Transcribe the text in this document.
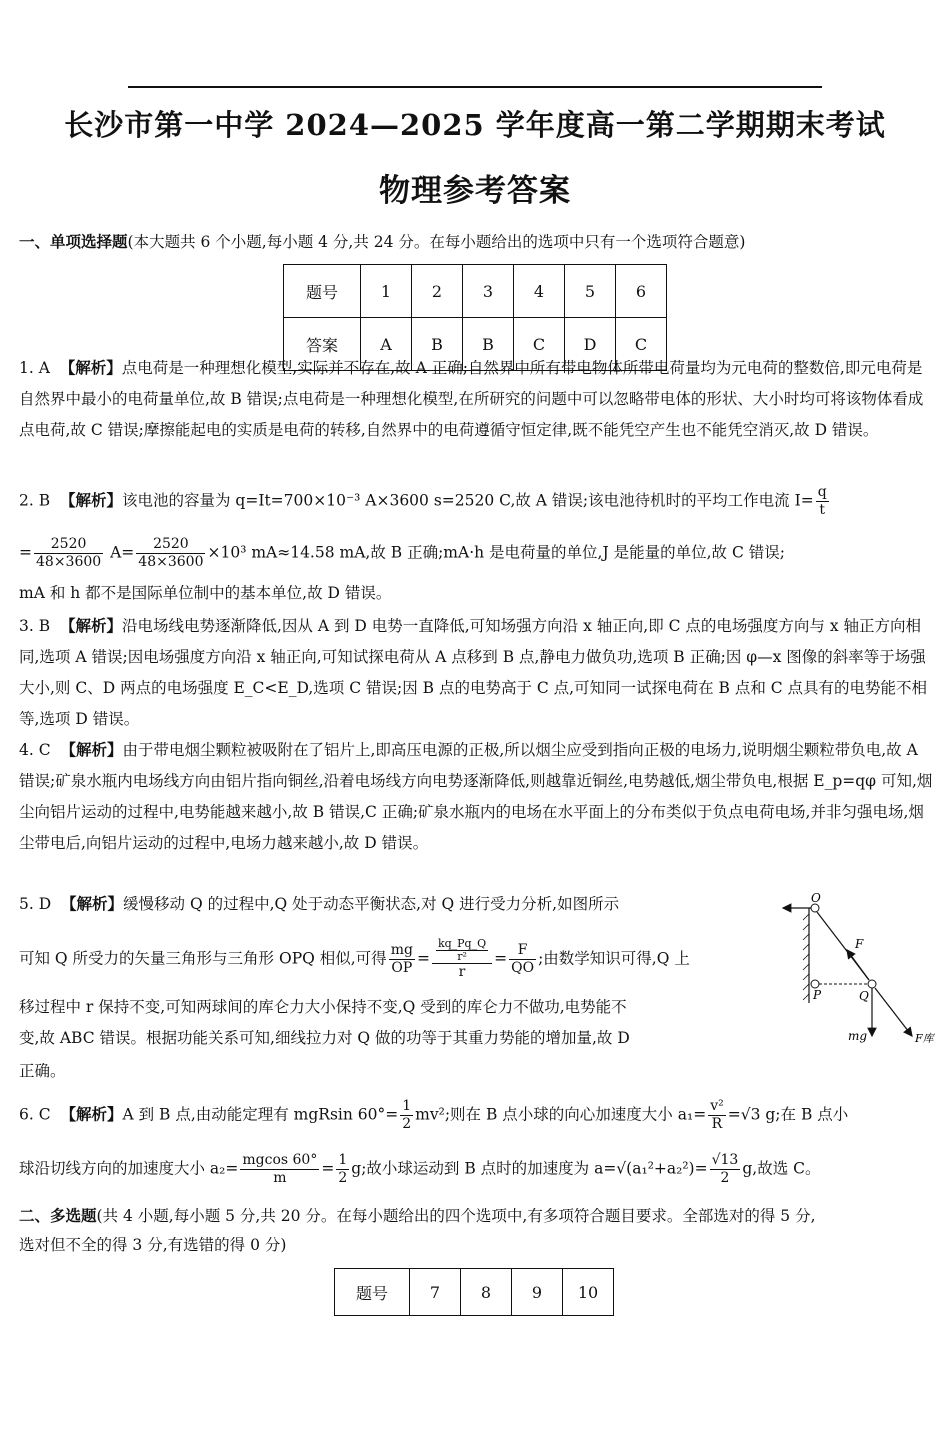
长沙市第一中学 2024—2025 学年度高一第二学期期末考试
物理参考答案
一、单项选择题(本大题共 6 个小题,每小题 4 分,共 24 分。在每小题给出的选项中只有一个选项符合题意)
题号	1	2	3	4	5	6
答案	A	B	B	C	D	C
1. A 【解析】点电荷是一种理想化模型,实际并不存在,故 A 正确;自然界中所有带电物体所带电荷量均为元电荷的整数倍,即元电荷是自然界中最小的电荷量单位,故 B 错误;点电荷是一种理想化模型,在所研究的问题中可以忽略带电体的形状、大小时均可将该物体看成点电荷,故 C 错误;摩擦能起电的实质是电荷的转移,自然界中的电荷遵循守恒定律,既不能凭空产生也不能凭空消灭,故 D 错误。
2. B 【解析】该电池的容量为 q=It=700×10⁻³ A×3600 s=2520 C,故 A 错误;该电池待机时的平均工作电流 $I= \frac{q}{t}$
= $\frac{2520}{48\times 3600} A= \frac{2520}{48\times 3600} \times 10^3$ mA≈14.58 mA,故 B 正确;mA·h 是电荷量的单位,J 是能量的单位,故 C 错误;
mA 和 h 都不是国际单位制中的基本单位,故 D 错误。
3. B 【解析】沿电场线电势逐渐降低,因从 A 到 D 电势一直降低,可知场强方向沿 x 轴正向,即 C 点的电场强度方向与 x 轴正方向相同,选项 A 错误;因电场强度方向沿 x 轴正向,可知试探电荷从 A 点移到 B 点,静电力做负功,选项 B 正确;因 φ—x 图像的斜率等于场强大小,则 C、D 两点的电场强度 E_C<E_D,选项 C 错误;因 B 点的电势高于 C 点,可知同一试探电荷在 B 点和 C 点具有的电势能不相等,选项 D 错误。
4. C 【解析】由于带电烟尘颗粒被吸附在了铝片上,即高压电源的正极,所以烟尘应受到指向正极的电场力,说明烟尘颗粒带负电,故 A 错误;矿泉水瓶内电场线方向由铝片指向铜丝,沿着电场线方向电势逐渐降低,则越靠近铜丝,电势越低,烟尘带负电,根据 E_p=qφ 可知,烟尘向铝片运动的过程中,电势能越来越小,故 B 错误,C 正确;矿泉水瓶内的电场在水平面上的分布类似于负点电荷电场,并非匀强电场,烟尘带电后,向铝片运动的过程中,电场力越来越小,故 D 错误。
5. D 【解析】缓慢移动 Q 的过程中,Q 处于动态平衡状态,对 Q 进行受力分析,如图所示
可知 Q 所受力的矢量三角形与三角形 OPQ 相似,可得 $\frac{mg}{OP} = \frac{\frac{kq\_Pq\_Q}{\text{r²}}}{r} = \frac{F}{QO}$ ;由数学知识可得,Q 上
移过程中 r 保持不变,可知两球间的库仑力大小保持不变,Q 受到的库仑力不做功,电势能不
变,故 ABC 错误。根据功能关系可知,细线拉力对 Q 做的功等于其重力势能的增加量,故 D
正确。
O
P	Q
F
mg	F库
6. C 【解析】A 到 B 点,由动能定理有 mgRsin $60^\circ= \frac{1}{2} mv^2$;则在 B 点小球的向心加速度大小 $a_1= \frac{\text{v²}}{R} =√3$ g;在 B 点小
球沿切线方向的加速度大小 $a_2= \frac{mgcos 60^\circ}{m} = \frac{1}{2} g$;故小球运动到 B 点时的加速度为 $a=√(a_1^2+a_2^2)= \frac{√13}{2} g$,故选 C。
二、多选题(共 4 小题,每小题 5 分,共 20 分。在每小题给出的四个选项中,有多项符合题目要求。全部选对的得 5 分,
选对但不全的得 3 分,有选错的得 0 分)
题号	7	8	9	10
